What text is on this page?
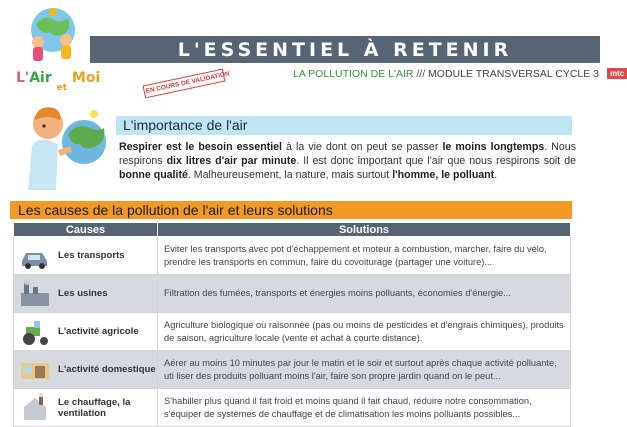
L'Air $_{et}$ Moi
L'ESSENTIEL À RETENIR
LA POLLUTION DE L'AIR /// MODULE TRANSVERSAL CYCLE 3 mtc
EN COURS DE VALIDATION
L'importance de l'air
Respirer est le besoin essentiel à la vie dont on peut se passer le moins longtemps. Nous respirons dix litres d'air par minute. Il est donc important que l'air que nous respirons soit de bonne qualité. Malheureusement, la nature, mais surtout l'homme, le polluant.
Les causes de la pollution de l'air et leurs solutions
Causes	Solutions

Les transports	Eviter les transports avec pot d'échappement et moteur à combustion, marcher, faire du vélo, prendre les transports en commun, faire du covoiturage (partager une voiture)...

Les usines	Filtration des fumées, transports et énergies moins polluants, économies d'énergie...

L'activité agricole	Agriculture biologique ou raisonnée (pas ou moins de pesticides et d'engrais chimiques), produits de saison, agriculture locale (vente et achat à courte distance).

L'activité domestique	Aérer au moins 10 minutes par jour le matin et le soir et surtout après chaque activité polluante, uti liser des produits polluant moins l'air, faire son propre jardin quand on le peut...

Le chauffage, la ventilation	S'habiller plus quand il fait froid et moins quand il fait chaud, réduire notre consommation, s'équiper de systèmes de chauffage et de climatisation les moins polluants possibles...
